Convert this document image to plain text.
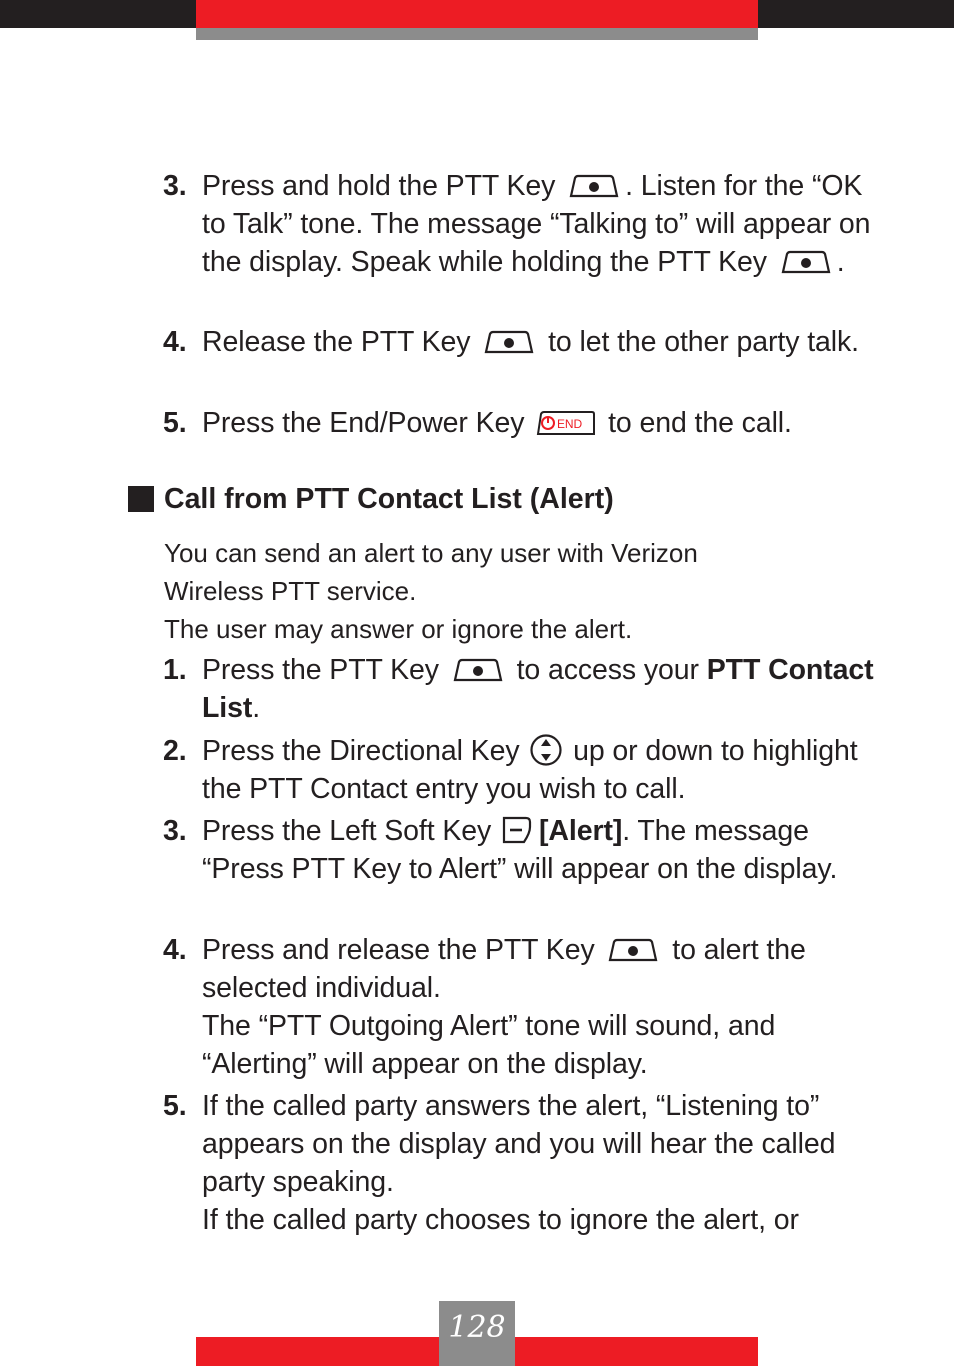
3. Press and hold the PTT Key . Listen for the “OK to Talk” tone. The message “Talking to” will appear on the display. Speak while holding the PTT Key .
4. Release the PTT Key  to let the other party talk.
5. Press the End/Power Key END to end the call.
Call from PTT Contact List (Alert)
You can send an alert to any user with Verizon Wireless PTT service.
The user may answer or ignore the alert.
1. Press the PTT Key  to access your PTT Contact List.
2. Press the Directional Key  up or down to highlight the PTT Contact entry you wish to call.
3. Press the Left Soft Key [Alert]. The message “Press PTT Key to Alert” will appear on the display.
4. Press and release the PTT Key  to alert the selected individual.
The “PTT Outgoing Alert” tone will sound, and “Alerting” will appear on the display.
5. If the called party answers the alert, “Listening to” appears on the display and you will hear the called party speaking.
If the called party chooses to ignore the alert, or
128
